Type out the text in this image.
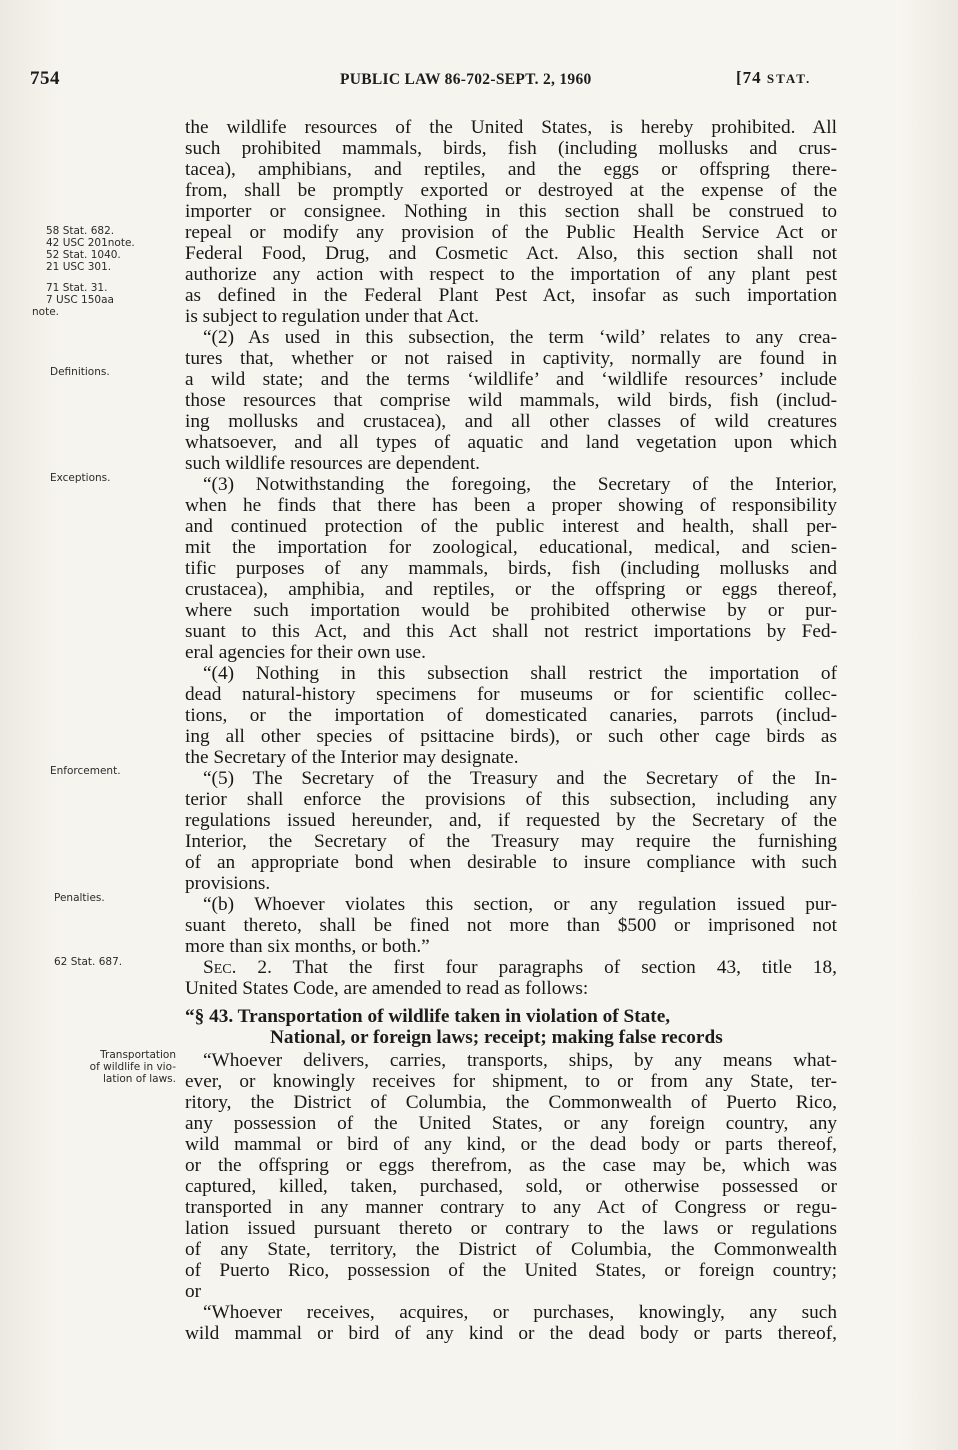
754	PUBLIC LAW 86-702-SEPT. 2, 1960	[74 STAT.
58 Stat. 682.
42 USC 201note.
52 Stat. 1040.
21 USC 301.
71 Stat. 31.
7 USC 150aa
note.
Definitions.
Exceptions.
Enforcement.
Penalties.
62 Stat. 687.
Transportation
of wildlife in vio-
lation of laws.
the wildlife resources of the United States, is hereby prohibited. All
such prohibited mammals, birds, fish (including mollusks and crus-
tacea), amphibians, and reptiles, and the eggs or offspring there-
from, shall be promptly exported or destroyed at the expense of the
importer or consignee. Nothing in this section shall be construed to
repeal or modify any provision of the Public Health Service Act or
Federal Food, Drug, and Cosmetic Act. Also, this section shall not
authorize any action with respect to the importation of any plant pest
as defined in the Federal Plant Pest Act, insofar as such importation
is subject to regulation under that Act.
“(2) As used in this subsection, the term ‘wild’ relates to any crea-
tures that, whether or not raised in captivity, normally are found in
a wild state; and the terms ‘wildlife’ and ‘wildlife resources’ include
those resources that comprise wild mammals, wild birds, fish (includ-
ing mollusks and crustacea), and all other classes of wild creatures
whatsoever, and all types of aquatic and land vegetation upon which
such wildlife resources are dependent.
“(3) Notwithstanding the foregoing, the Secretary of the Interior,
when he finds that there has been a proper showing of responsibility
and continued protection of the public interest and health, shall per-
mit the importation for zoological, educational, medical, and scien-
tific purposes of any mammals, birds, fish (including mollusks and
crustacea), amphibia, and reptiles, or the offspring or eggs thereof,
where such importation would be prohibited otherwise by or pur-
suant to this Act, and this Act shall not restrict importations by Fed-
eral agencies for their own use.
“(4) Nothing in this subsection shall restrict the importation of
dead natural-history specimens for museums or for scientific collec-
tions, or the importation of domesticated canaries, parrots (includ-
ing all other species of psittacine birds), or such other cage birds as
the Secretary of the Interior may designate.
“(5) The Secretary of the Treasury and the Secretary of the In-
terior shall enforce the provisions of this subsection, including any
regulations issued hereunder, and, if requested by the Secretary of the
Interior, the Secretary of the Treasury may require the furnishing
of an appropriate bond when desirable to insure compliance with such
provisions.
“(b) Whoever violates this section, or any regulation issued pur-
suant thereto, shall be fined not more than $500 or imprisoned not
more than six months, or both.”
Sec. 2. That the first four paragraphs of section 43, title 18,
United States Code, are amended to read as follows:
“§ 43. Transportation of wildlife taken in violation of State,
National, or foreign laws; receipt; making false records
“Whoever delivers, carries, transports, ships, by any means what-
ever, or knowingly receives for shipment, to or from any State, ter-
ritory, the District of Columbia, the Commonwealth of Puerto Rico,
any possession of the United States, or any foreign country, any
wild mammal or bird of any kind, or the dead body or parts thereof,
or the offspring or eggs therefrom, as the case may be, which was
captured, killed, taken, purchased, sold, or otherwise possessed or
transported in any manner contrary to any Act of Congress or regu-
lation issued pursuant thereto or contrary to the laws or regulations
of any State, territory, the District of Columbia, the Commonwealth
of Puerto Rico, possession of the United States, or foreign country;
or
“Whoever receives, acquires, or purchases, knowingly, any such
wild mammal or bird of any kind or the dead body or parts thereof,
